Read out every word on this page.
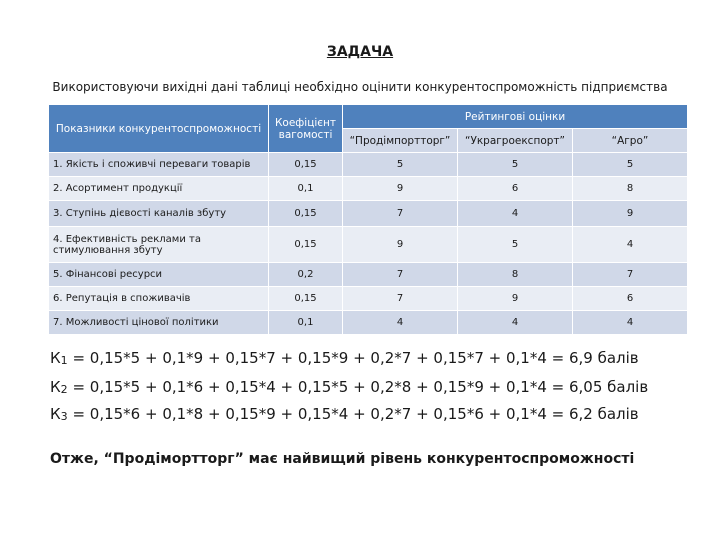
ЗАДАЧА
Використовуючи вихідні дані таблиці необхідно оцінити конкурентоспроможність підприємства
Показники конкурентоспроможності	Коефіцієнт вагомості	Рейтингові оцінки		
		“Продімпортторг”	“Украгроекспорт”	“Агро”
1. Якість і споживчі переваги товарів	0,15	5	5	5
2. Асортимент продукції	0,1	9	6	8
3. Ступінь дієвості каналів збуту	0,15	7	4	9
4. Ефективність реклами та стимулювання збуту	0,15	9	5	4
5. Фінансові ресурси	0,2	7	8	7
6. Репутація в споживачів	0,15	7	9	6
7. Можливості цінової політики	0,1	4	4	4
$К_1 = 0,15*5 + 0,1*9 + 0,15*7 + 0,15*9 + 0,2*7 + 0,15*7 + 0,1*4 = 6,9$ балів
$К_2 = 0,15*5 + 0,1*6 + 0,15*4 + 0,15*5 + 0,2*8 + 0,15*9 + 0,1*4 = 6,05$ балів
$К_3 = 0,15*6 + 0,1*8 + 0,15*9 + 0,15*4 + 0,2*7 + 0,15*6 + 0,1*4 = 6,2$ балів
Отже, “Продімортторг” має найвищий рівень конкурентоспроможності
